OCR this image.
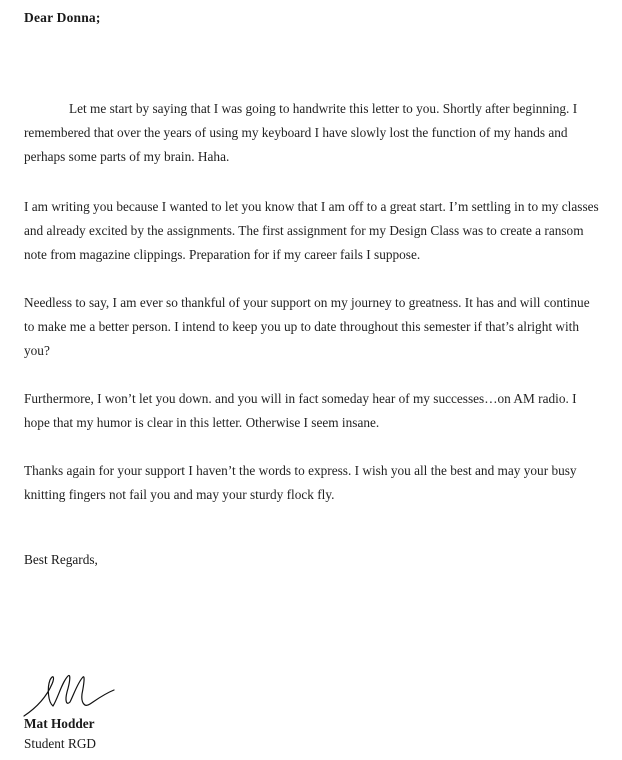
Dear Donna;

Let me start by saying that I was going to handwrite this letter to you. Shortly after beginning. I remembered that over the years of using my keyboard I have slowly lost the function of my hands and perhaps some parts of my brain. Haha.

I am writing you because I wanted to let you know that I am off to a great start. I’m settling in to my classes and already excited by the assignments. The first assignment for my Design Class was to create a ransom note from magazine clippings. Preparation for if my career fails I suppose.

Needless to say, I am ever so thankful of your support on my journey to greatness. It has and will continue to make me a better person. I intend to keep you up to date throughout this semester if that’s alright with you?

Furthermore, I won’t let you down. and you will in fact someday hear of my successes…on AM radio. I hope that my humor is clear in this letter. Otherwise I seem insane.

Thanks again for your support I haven’t the words to express. I wish you all the best and may your busy knitting fingers not fail you and may your sturdy flock fly.

Best Regards,
Mat Hodder
Student RGD
